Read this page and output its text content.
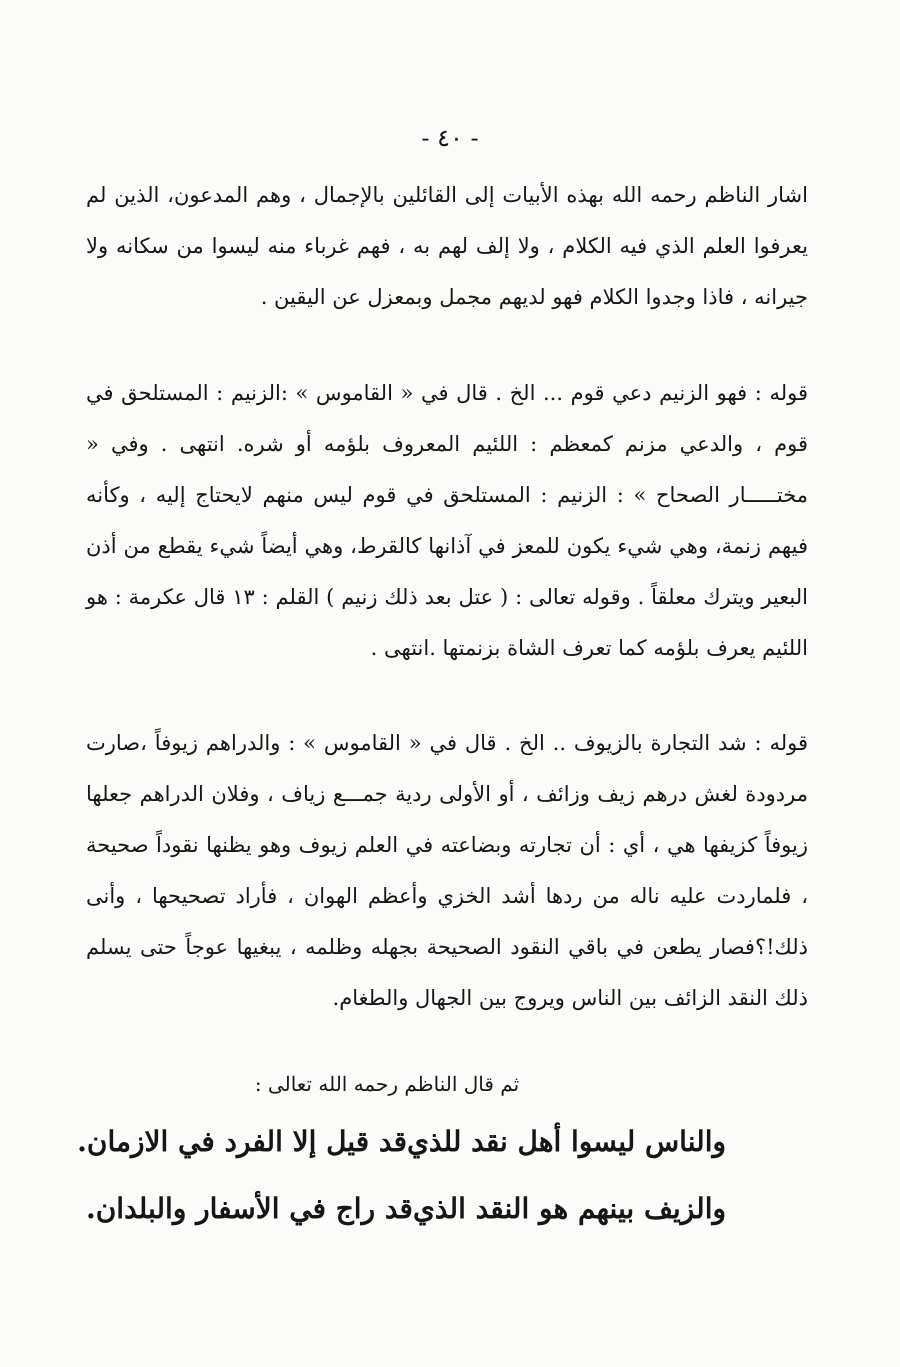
- ٤٠ -

اشار الناظم رحمه الله بهذه الأبيات إلى القائلين بالإجمال ، وهم المدعون، الذين لم يعرفوا العلم الذي فيه الكلام ، ولا إلف لهم به ، فهم غرباء منه ليسوا من سكانه ولا جيرانه ، فاذا وجدوا الكلام فهو لديهم مجمل وبمعزل عن اليقين .

قوله : فهو الزنيم دعي قوم ... الخ . قال في « القاموس » :الزنيم : المستلحق في قوم ، والدعي مزنم كمعظم : اللئيم المعروف بلؤمه أو شره. انتهى . وفي « مختـــــار الصحاح » : الزنيم : المستلحق في قوم ليس منهم لايحتاج إليه ، وكأنه فيهم زنمة، وهي شيء يكون للمعز في آذانها كالقرط، وهي أيضاً شيء يقطع من أذن البعير ويترك معلقاً . وقوله تعالى : ( عتل بعد ذلك زنيم ) القلم : ١٣ قال عكرمة : هو اللئيم يعرف بلؤمه كما تعرف الشاة بزنمتها .انتهى .

قوله : شد التجارة بالزيوف .. الخ . قال في « القاموس » : والدراهم زيوفاً ،صارت مردودة لغش درهم زيف وزائف ، أو الأولى ردية جمـــع زياف ، وفلان الدراهم جعلها زيوفاً كزيفها هي ، أي : أن تجارته وبضاعته في العلم زيوف وهو يظنها نقوداً صحيحة ، فلماردت عليه ناله من ردها أشد الخزي وأعظم الهوان ، فأراد تصحيحها ، وأنى ذلك!؟فصار يطعن في باقي النقود الصحيحة بجهله وظلمه ، يبغيها عوجاً حتى يسلم ذلك النقد الزائف بين الناس ويروج بين الجهال والطغام.

ثم قال الناظم رحمه الله تعالى :
والناس ليسوا أهل نقد للذي
قد قيل إلا الفرد في الازمان.
والزيف بينهم هو النقد الذي
قد راج في الأسفار والبلدان.
